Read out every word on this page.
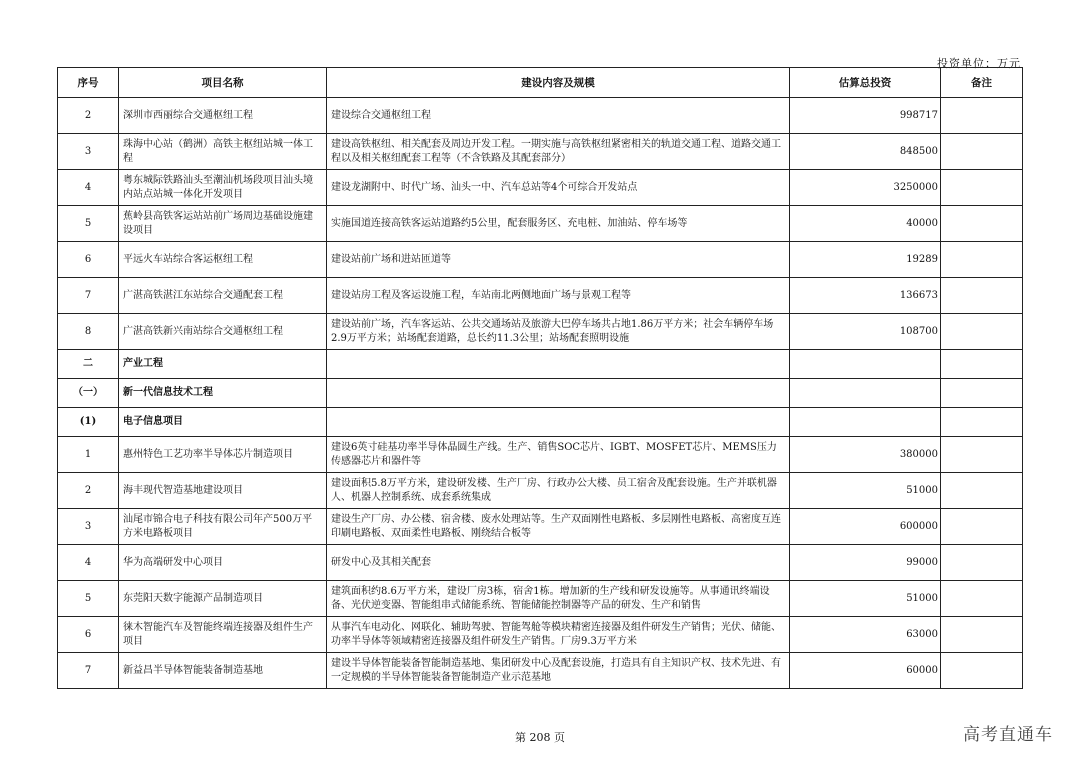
投资单位：万元
序号	项目名称	建设内容及规模	估算总投资	备注
2	深圳市西丽综合交通枢纽工程	建设综合交通枢纽工程	998717	
3	珠海中心站（鹤洲）高铁主枢纽站城一体工程	建设高铁枢纽、相关配套及周边开发工程。一期实施与高铁枢纽紧密相关的轨道交通工程、道路交通工程以及相关枢纽配套工程等（不含铁路及其配套部分）	848500	
4	粤东城际铁路汕头至潮汕机场段项目汕头境内站点站城一体化开发项目	建设龙湖附中、时代广场、汕头一中、汽车总站等4个可综合开发站点	3250000	
5	蕉岭县高铁客运站站前广场周边基础设施建设项目	实施国道连接高铁客运站道路约5公里，配套服务区、充电桩、加油站、停车场等	40000	
6	平远火车站综合客运枢纽工程	建设站前广场和进站匝道等	19289	
7	广湛高铁湛江东站综合交通配套工程	建设站房工程及客运设施工程，车站南北两侧地面广场与景观工程等	136673	
8	广湛高铁新兴南站综合交通枢纽工程	建设站前广场，汽车客运站、公共交通场站及旅游大巴停车场共占地1.86万平方米；社会车辆停车场2.9万平方米；站场配套道路，总长约11.3公里；站场配套照明设施	108700	
二	产业工程			
（一）	新一代信息技术工程			
(1)	电子信息项目			
1	惠州特色工艺功率半导体芯片制造项目	建设6英寸硅基功率半导体晶圆生产线。生产、销售SOC芯片、IGBT、MOSFET芯片、MEMS压力传感器芯片和器件等	380000	
2	海丰现代智造基地建设项目	建设面积5.8万平方米，建设研发楼、生产厂房、行政办公大楼、员工宿舍及配套设施。生产并联机器人、机器人控制系统、成套系统集成	51000	
3	汕尾市锦合电子科技有限公司年产500万平方米电路板项目	建设生产厂房、办公楼、宿舍楼、废水处理站等。生产双面刚性电路板、多层刚性电路板、高密度互连印刷电路板、双面柔性电路板、刚绕结合板等	600000	
4	华为高端研发中心项目	研发中心及其相关配套	99000	
5	东莞阳天数字能源产品制造项目	建筑面积约8.6万平方米，建设厂房3栋，宿舍1栋。增加新的生产线和研发设施等。从事通讯终端设备、光伏逆变器、智能组串式储能系统、智能储能控制器等产品的研发、生产和销售	51000	
6	徕木智能汽车及智能终端连接器及组件生产项目	从事汽车电动化、网联化、辅助驾驶、智能驾舱等模块精密连接器及组件研发生产销售；光伏、储能、功率半导体等领域精密连接器及组件研发生产销售。厂房9.3万平方米	63000	
7	新益昌半导体智能装备制造基地	建设半导体智能装备智能制造基地、集团研发中心及配套设施，打造具有自主知识产权、技术先进、有一定规模的半导体智能装备智能制造产业示范基地	60000	
第 208 页	高考直通车
